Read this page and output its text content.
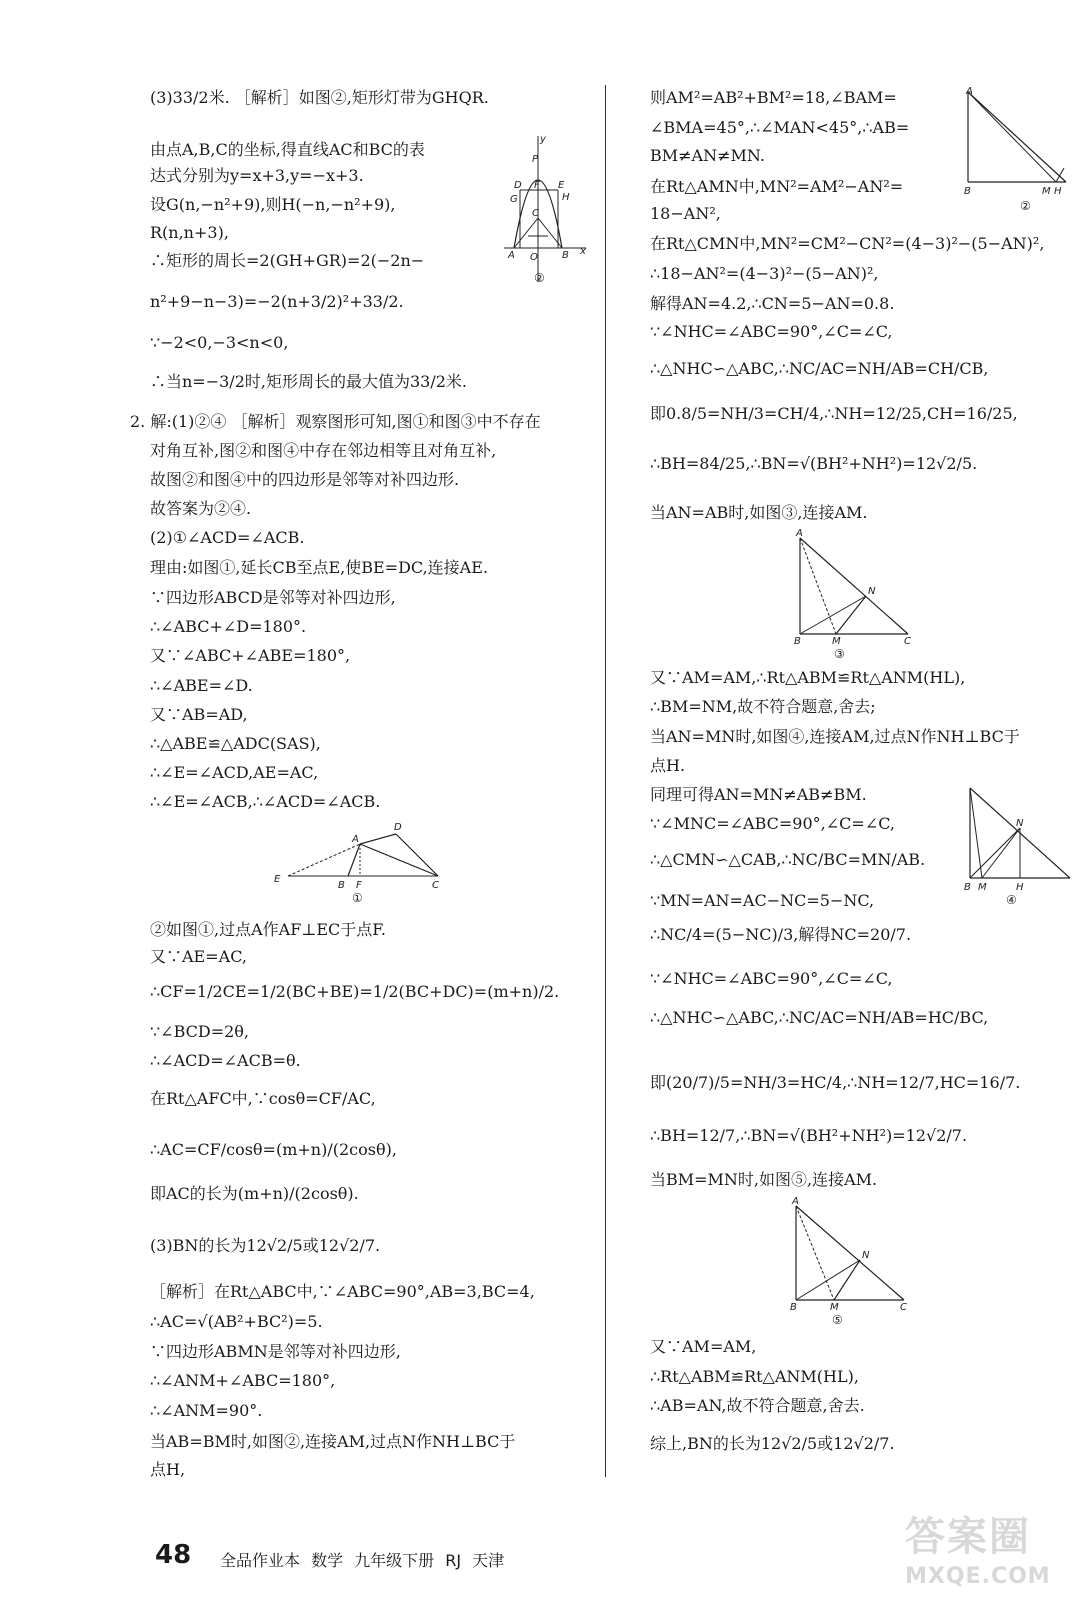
(3)33/2米. ［解析］如图②,矩形灯带为GHQR.
由点A,B,C的坐标,得直线AC和BC的表
达式分别为y=x+3,y=−x+3.
设G(n,−n²+9),则H(−n,−n²+9),
R(n,n+3),
∴矩形的周长=2(GH+GR)=2(−2n−
n²+9−n−3)=−2(n+3/2)²+33/2.
∵−2<0,−3<n<0,
∴当n=−3/2时,矩形周长的最大值为33/2米.
2. 解:(1)②④ ［解析］观察图形可知,图①和图③中不存在
对角互补,图②和图④中存在邻边相等且对角互补,
故图②和图④中的四边形是邻等对补四边形.
故答案为②④.
(2)①∠ACD=∠ACB.
理由:如图①,延长CB至点E,使BE=DC,连接AE.
∵四边形ABCD是邻等对补四边形,
∴∠ABC+∠D=180°.
又∵∠ABC+∠ABE=180°,
∴∠ABE=∠D.
又∵AB=AD,
∴△ABE≌△ADC(SAS),
∴∠E=∠ACD,AE=AC,
∴∠E=∠ACB,∴∠ACD=∠ACB.
②如图①,过点A作AF⊥EC于点F.
又∵AE=AC,
∴CF=1/2CE=1/2(BC+BE)=1/2(BC+DC)=(m+n)/2.
∵∠BCD=2θ,
∴∠ACD=∠ACB=θ.
在Rt△AFC中,∵cosθ=CF/AC,
∴AC=CF/cosθ=(m+n)/(2cosθ),
即AC的长为(m+n)/(2cosθ).
(3)BN的长为12√2/5或12√2/7.
［解析］在Rt△ABC中,∵∠ABC=90°,AB=3,BC=4,
∴AC=√(AB²+BC²)=5.
∵四边形ABMN是邻等对补四边形,
∴∠ANM+∠ABC=180°,
∴∠ANM=90°.
当AB=BM时,如图②,连接AM,过点N作NH⊥BC于
点H,
则AM²=AB²+BM²=18,∠BAM=
∠BMA=45°,∴∠MAN<45°,∴AB=
BM≠AN≠MN.
在Rt△AMN中,MN²=AM²−AN²=
18−AN²,
在Rt△CMN中,MN²=CM²−CN²=(4−3)²−(5−AN)²,
∴18−AN²=(4−3)²−(5−AN)²,
解得AN=4.2,∴CN=5−AN=0.8.
∵∠NHC=∠ABC=90°,∠C=∠C,
∴△NHC∽△ABC,∴NC/AC=NH/AB=CH/CB,
即0.8/5=NH/3=CH/4,∴NH=12/25,CH=16/25,
∴BH=84/25,∴BN=√(BH²+NH²)=12√2/5.
当AN=AB时,如图③,连接AM.
又∵AM=AM,∴Rt△ABM≌Rt△ANM(HL),
∴BM=NM,故不符合题意,舍去;
当AN=MN时,如图④,连接AM,过点N作NH⊥BC于
点H.
同理可得AN=MN≠AB≠BM.
∵∠MNC=∠ABC=90°,∠C=∠C,
∴△CMN∽△CAB,∴NC/BC=MN/AB.
∵MN=AN=AC−NC=5−NC,
∴NC/4=(5−NC)/3,解得NC=20/7.
∵∠NHC=∠ABC=90°,∠C=∠C,
∴△NHC∽△ABC,∴NC/AC=NH/AB=HC/BC,
即(20/7)/5=NH/3=HC/4,∴NH=12/7,HC=16/7.
∴BH=12/7,∴BN=√(BH²+NH²)=12√2/7.
当BM=MN时,如图⑤,连接AM.
又∵AM=AM,
∴Rt△ABM≌Rt△ANM(HL),
∴AB=AN,故不符合题意,舍去.
综上,BN的长为12√2/5或12√2/7.
y
P
D F E
G	H
C
A O B x
②
A
D
E
B F	C
①
A
B	M H
②
A
N
B	M	C
③
N
B M	H
④
A
N
B	M	C
⑤
48 全品作业本 数学 九年级下册 RJ 天津
答案圈
MXQE.COM
